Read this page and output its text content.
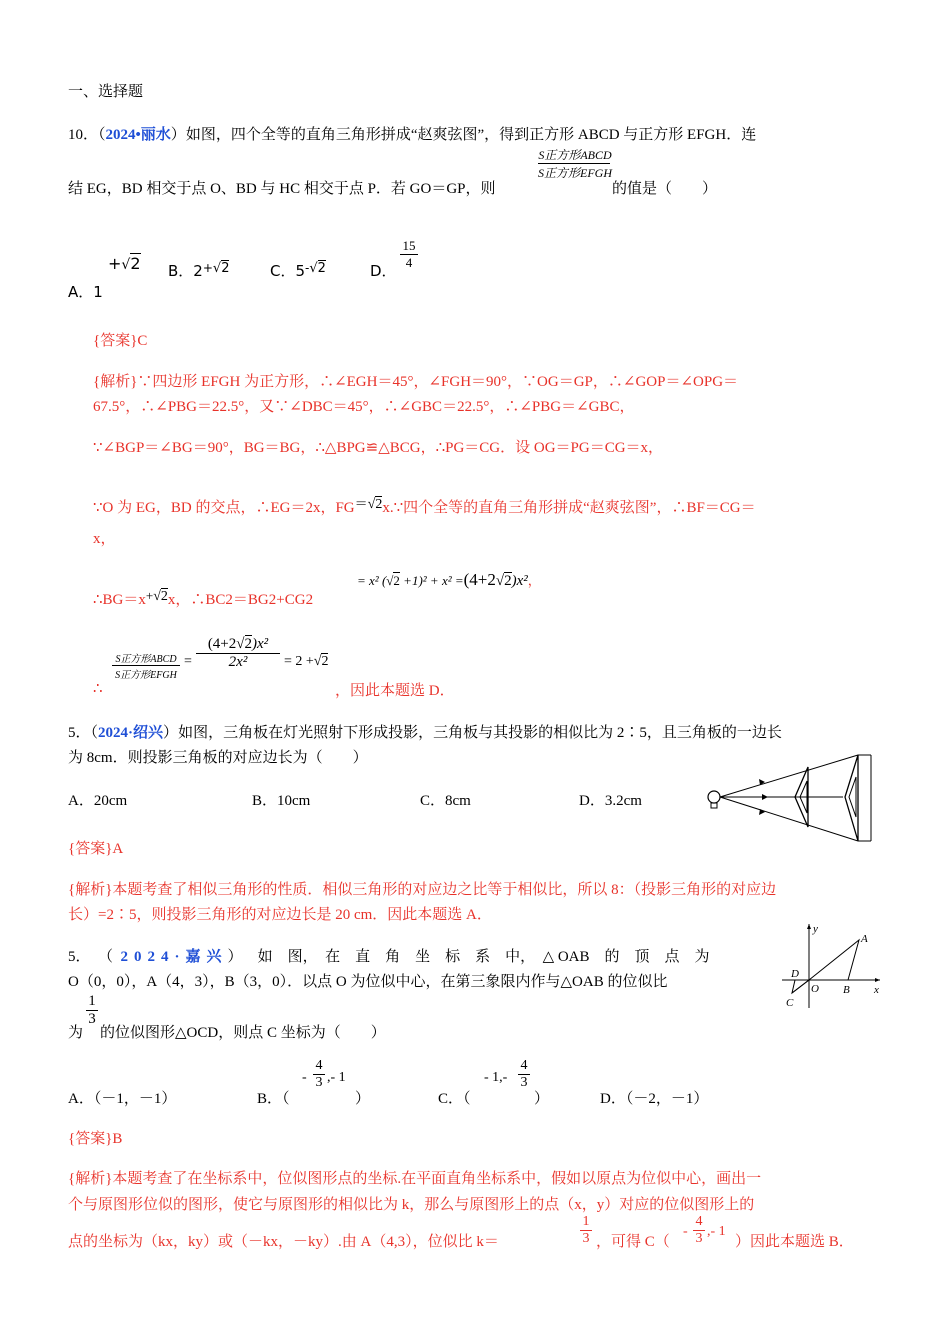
一、选择题
10．（2024•丽水）如图，四个全等的直角三角形拼成“赵爽弦图”，得到正方形 ABCD 与正方形 EFGH．连
结 EG，BD 相交于点 O、BD 与 HC 相交于点 P．若 GO＝GP，则
S正方形ABCD
S正方形EFGH
的值是（　　）
+√2
A．1
B．2+√2	C．5-√2	D．
15
4
{答案}C
{解析}∵四边形 EFGH 为正方形，∴∠EGH＝45°，∠FGH＝90°，∵OG＝GP，∴∠GOP＝∠OPG＝
67.5°，∴∠PBG＝22.5°，又∵∠DBC＝45°，∴∠GBC＝22.5°，∴∠PBG＝∠GBC，
∵∠BGP＝∠BG＝90°，BG＝BG，∴△BPG≌△BCG，∴PG＝CG．设 OG＝PG＝CG＝x，
∵O 为 EG，BD 的交点，∴EG＝2x，FG＝√2x.∵四个全等的直角三角形拼成“赵爽弦图”，∴BF＝CG＝
x，
∴BG＝x+√2x，∴BC2＝BG2+CG2
= x² (√2 +1)² + x² =(4+2√2)x²，
∴
S正方形ABCD
S正方形EFGH
=
(4+2√2)x²
2x²	= 2 +√2
，因此本题选 D．
5．（2024·绍兴）如图，三角板在灯光照射下形成投影，三角板与其投影的相似比为 2∶5，且三角板的一边长
为 8cm．则投影三角板的对应边长为（　　）
A．20cm	B．10cm	C．8cm	D．3.2cm
{答案}A
{解析}本题考查了相似三角形的性质．相似三角形的对应边之比等于相似比，所以 8：（投影三角形的对应边
长）=2∶5，则投影三角形的对应边长是 20 cm．因此本题选 A．
5． （ 2024·嘉兴） 如　图，　在　直　角　坐　标　系　中，　△ OAB　的　顶　点　为
O（0，0），A（4，3），B（3，0）．以点 O 为位似中心，在第三象限内作与△OAB 的位似比
1
3
为 的位似图形△OCD，则点 C 坐标为（　　）
y
x
A
B
O
C
D
A．（－1，－1）	B．（
-
4
3 ,- 1
）	C．（
- 1,-
4
3
）	D．（－2，－1）
{答案}B
{解析}本题考查了在坐标系中，位似图形点的坐标.在平面直角坐标系中，假如以原点为位似中心，画出一
个与原图形位似的图形，使它与原图形的相似比为 k，那么与原图形上的点（x，y）对应的位似图形上的
点的坐标为（kx，ky）或（－kx，－ky）.由 A（4,3），位似比 k＝
1
3 ，可得 C（
-
4
3 ,- 1
）因此本题选 B．
